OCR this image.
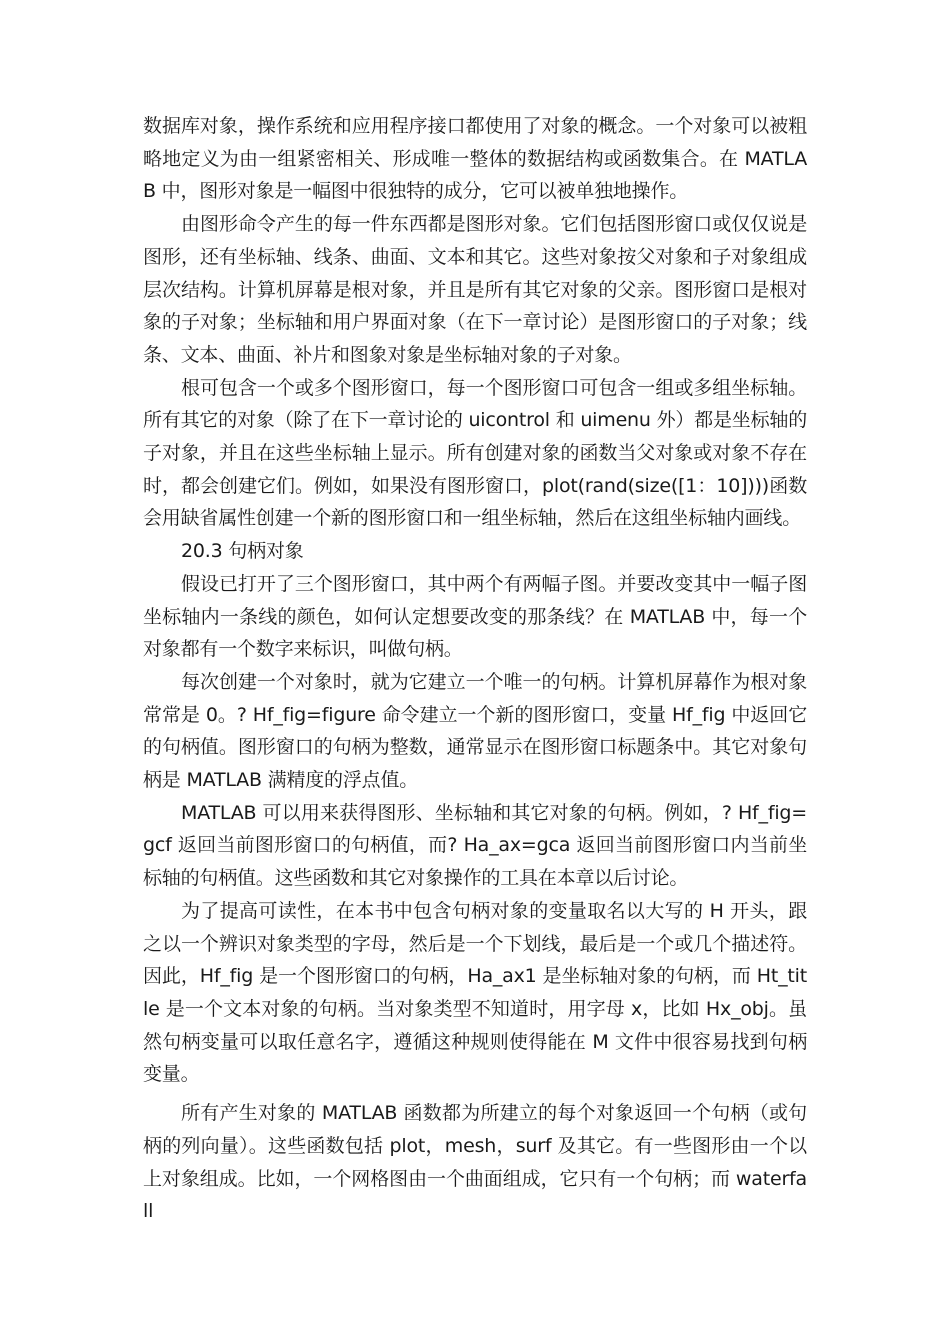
数据库对象，操作系统和应用程序接口都使用了对象的概念。一个对象可以被粗略地定义为由一组紧密相关、形成唯一整体的数据结构或函数集合。在 MATLAB 中，图形对象是一幅图中很独特的成分，它可以被单独地操作。

由图形命令产生的每一件东西都是图形对象。它们包括图形窗口或仅仅说是图形，还有坐标轴、线条、曲面、文本和其它。这些对象按父对象和子对象组成层次结构。计算机屏幕是根对象，并且是所有其它对象的父亲。图形窗口是根对象的子对象；坐标轴和用户界面对象（在下一章讨论）是图形窗口的子对象；线条、文本、曲面、补片和图象对象是坐标轴对象的子对象。

根可包含一个或多个图形窗口，每一个图形窗口可包含一组或多组坐标轴。所有其它的对象（除了在下一章讨论的 uicontrol 和 uimenu 外）都是坐标轴的子对象，并且在这些坐标轴上显示。所有创建对象的函数当父对象或对象不存在时，都会创建它们。例如，如果没有图形窗口，plot(rand(size([1：10])))函数会用缺省属性创建一个新的图形窗口和一组坐标轴，然后在这组坐标轴内画线。

20.3 句柄对象

假设已打开了三个图形窗口，其中两个有两幅子图。并要改变其中一幅子图坐标轴内一条线的颜色，如何认定想要改变的那条线？在 MATLAB 中，每一个对象都有一个数字来标识，叫做句柄。

每次创建一个对象时，就为它建立一个唯一的句柄。计算机屏幕作为根对象常常是 0。? Hf_fig=figure 命令建立一个新的图形窗口，变量 Hf_fig 中返回它的句柄值。图形窗口的句柄为整数，通常显示在图形窗口标题条中。其它对象句柄是 MATLAB 满精度的浮点值。

MATLAB 可以用来获得图形、坐标轴和其它对象的句柄。例如，? Hf_fig=gcf 返回当前图形窗口的句柄值，而? Ha_ax=gca 返回当前图形窗口内当前坐标轴的句柄值。这些函数和其它对象操作的工具在本章以后讨论。

为了提高可读性，在本书中包含句柄对象的变量取名以大写的 H 开头，跟之以一个辨识对象类型的字母，然后是一个下划线，最后是一个或几个描述符。因此，Hf_fig 是一个图形窗口的句柄，Ha_ax1 是坐标轴对象的句柄，而 Ht_title 是一个文本对象的句柄。当对象类型不知道时，用字母 x，比如 Hx_obj。虽然句柄变量可以取任意名字，遵循这种规则使得能在 M 文件中很容易找到句柄变量。

所有产生对象的 MATLAB 函数都为所建立的每个对象返回一个句柄（或句柄的列向量）。这些函数包括 plot，mesh，surf 及其它。有一些图形由一个以上对象组成。比如，一个网格图由一个曲面组成，它只有一个句柄；而 waterfall
